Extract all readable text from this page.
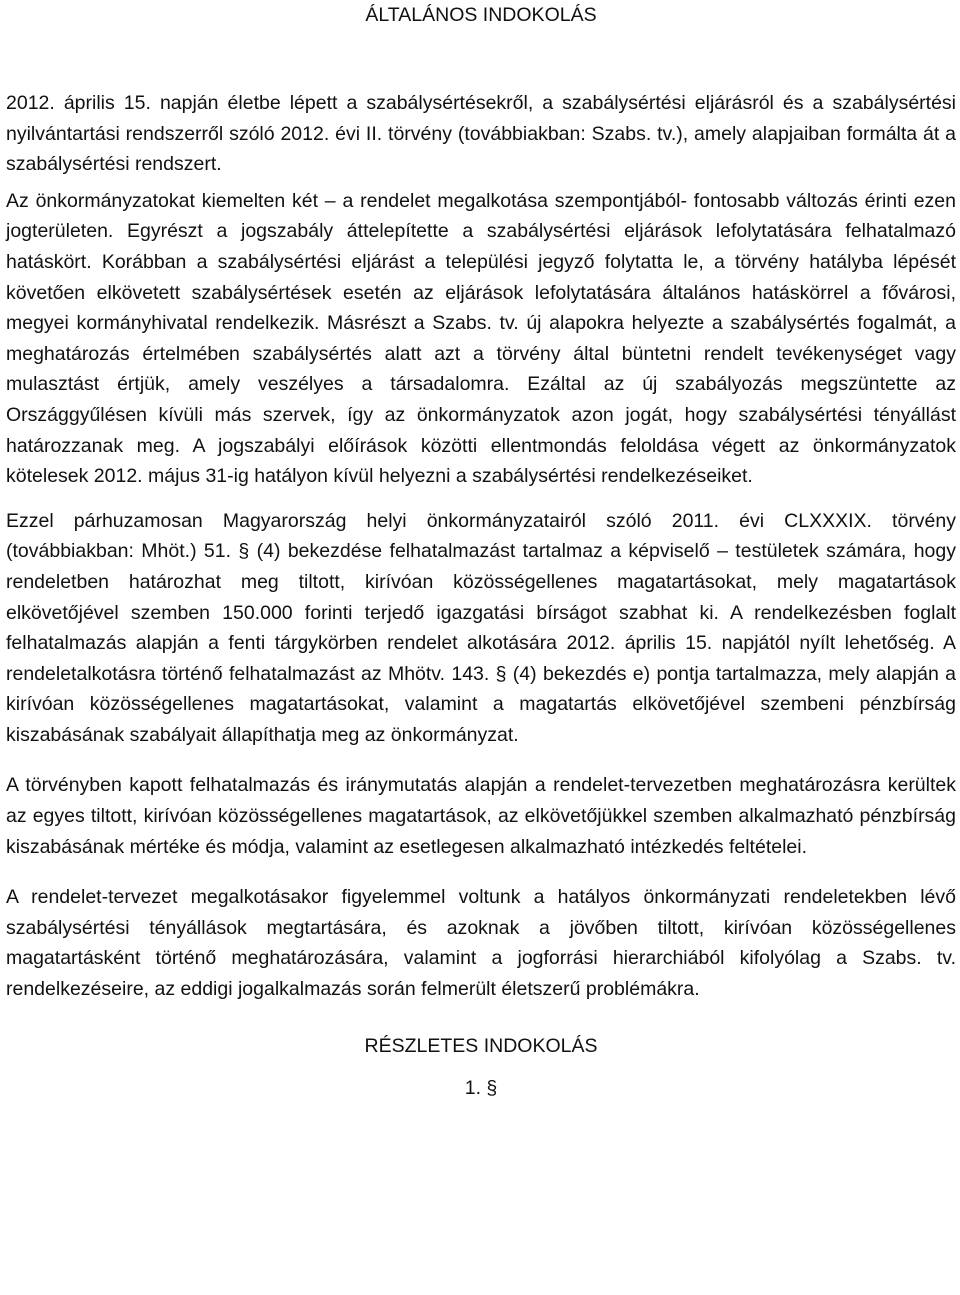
ÁLTALÁNOS INDOKOLÁS

2012. április 15. napján életbe lépett a szabálysértésekről, a szabálysértési eljárásról és a szabálysértési nyilvántartási rendszerről szóló 2012. évi II. törvény (továbbiakban: Szabs. tv.), amely alapjaiban formálta át a szabálysértési rendszert.

Az önkormányzatokat kiemelten két – a rendelet megalkotása szempontjából- fontosabb változás érinti ezen jogterületen. Egyrészt a jogszabály áttelepítette a szabálysértési eljárások lefolytatására felhatalmazó hatáskört. Korábban a szabálysértési eljárást a települési jegyző folytatta le, a törvény hatályba lépését követően elkövetett szabálysértések esetén az eljárások lefolytatására általános hatáskörrel a fővárosi, megyei kormányhivatal rendelkezik. Másrészt a Szabs. tv. új alapokra helyezte a szabálysértés fogalmát, a meghatározás értelmében szabálysértés alatt azt a törvény által büntetni rendelt tevékenységet vagy mulasztást értjük, amely veszélyes a társadalomra. Ezáltal az új szabályozás megszüntette az Országgyűlésen kívüli más szervek, így az önkormányzatok azon jogát, hogy szabálysértési tényállást határozzanak meg. A jogszabályi előírások közötti ellentmondás feloldása végett az önkormányzatok kötelesek 2012. május 31-ig hatályon kívül helyezni a szabálysértési rendelkezéseiket.

Ezzel párhuzamosan Magyarország helyi önkormányzatairól szóló 2011. évi CLXXXIX. törvény (továbbiakban: Mhöt.) 51. § (4) bekezdése felhatalmazást tartalmaz a képviselő – testületek számára, hogy rendeletben határozhat meg tiltott, kirívóan közösségellenes magatartásokat, mely magatartások elkövetőjével szemben 150.000 forinti terjedő igazgatási bírságot szabhat ki. A rendelkezésben foglalt felhatalmazás alapján a fenti tárgykörben rendelet alkotására 2012. április 15. napjától nyílt lehetőség. A rendeletalkotásra történő felhatalmazást az Mhötv. 143. § (4) bekezdés e) pontja tartalmazza, mely alapján a kirívóan közösségellenes magatartásokat, valamint a magatartás elkövetőjével szembeni pénzbírság kiszabásának szabályait állapíthatja meg az önkormányzat.

A törvényben kapott felhatalmazás és iránymutatás alapján a rendelet-tervezetben meghatározásra kerültek az egyes tiltott, kirívóan közösségellenes magatartások, az elkövetőjükkel szemben alkalmazható pénzbírság kiszabásának mértéke és módja, valamint az esetlegesen alkalmazható intézkedés feltételei.

A rendelet-tervezet megalkotásakor figyelemmel voltunk a hatályos önkormányzati rendeletekben lévő szabálysértési tényállások megtartására, és azoknak a jövőben tiltott, kirívóan közösségellenes magatartásként történő meghatározására, valamint a jogforrási hierarchiából kifolyólag a Szabs. tv. rendelkezéseire, az eddigi jogalkalmazás során felmerült életszerű problémákra.

RÉSZLETES INDOKOLÁS
1. §
